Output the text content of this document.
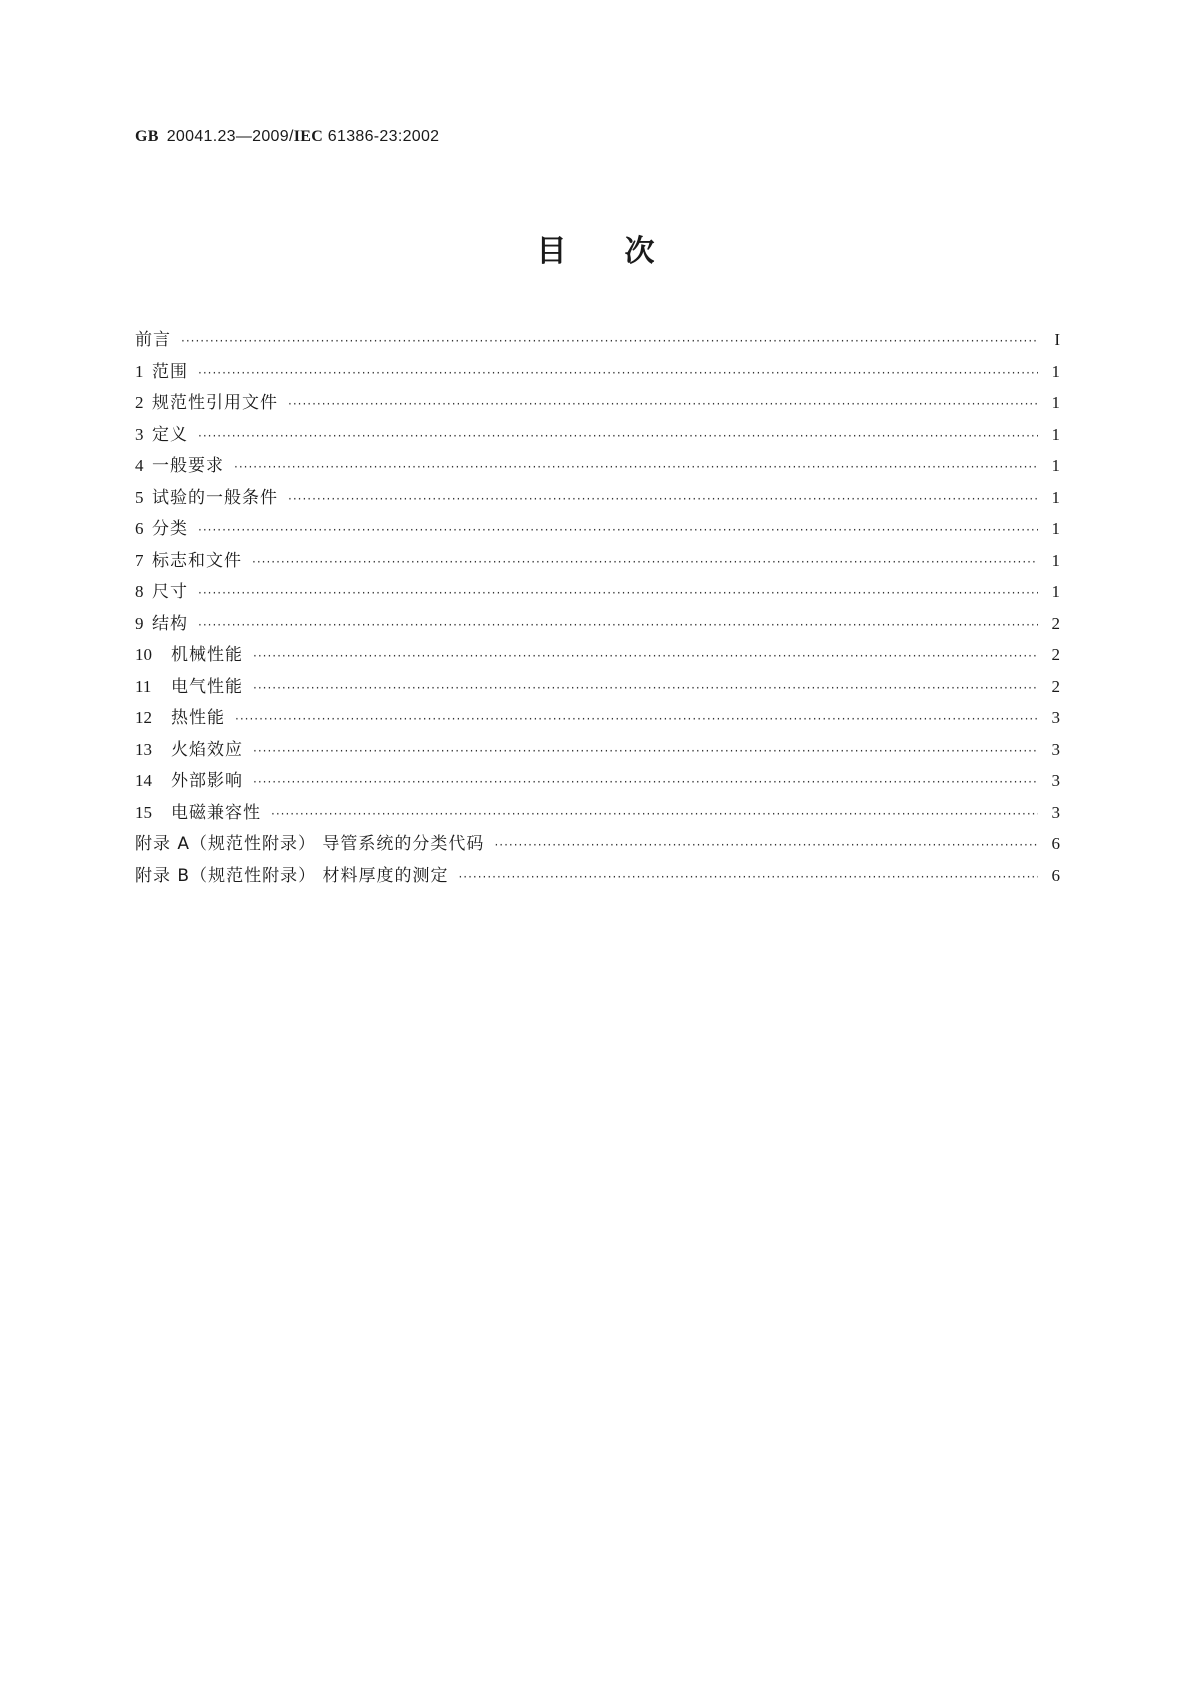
GB 20041.23—2009/IEC 61386-23:2002
目次
前言 ·····	I
1 范围 ·····	1
2 规范性引用文件 ·····	1
3 定义 ·····	1
4 一般要求 ·····	1
5 试验的一般条件 ·····	1
6 分类 ·····	1
7 标志和文件 ·····	1
8 尺寸 ·····	1
9 结构 ·····	2
10	机械性能 ·····	2
11	电气性能 ·····	2
12	热性能 ·····	3
13	火焰效应 ·····	3
14	外部影响 ·····	3
15	电磁兼容性 ·····	3
附录 A（规范性附录） 导管系统的分类代码 ·····	6
附录 B（规范性附录） 材料厚度的测定 ·····	6
